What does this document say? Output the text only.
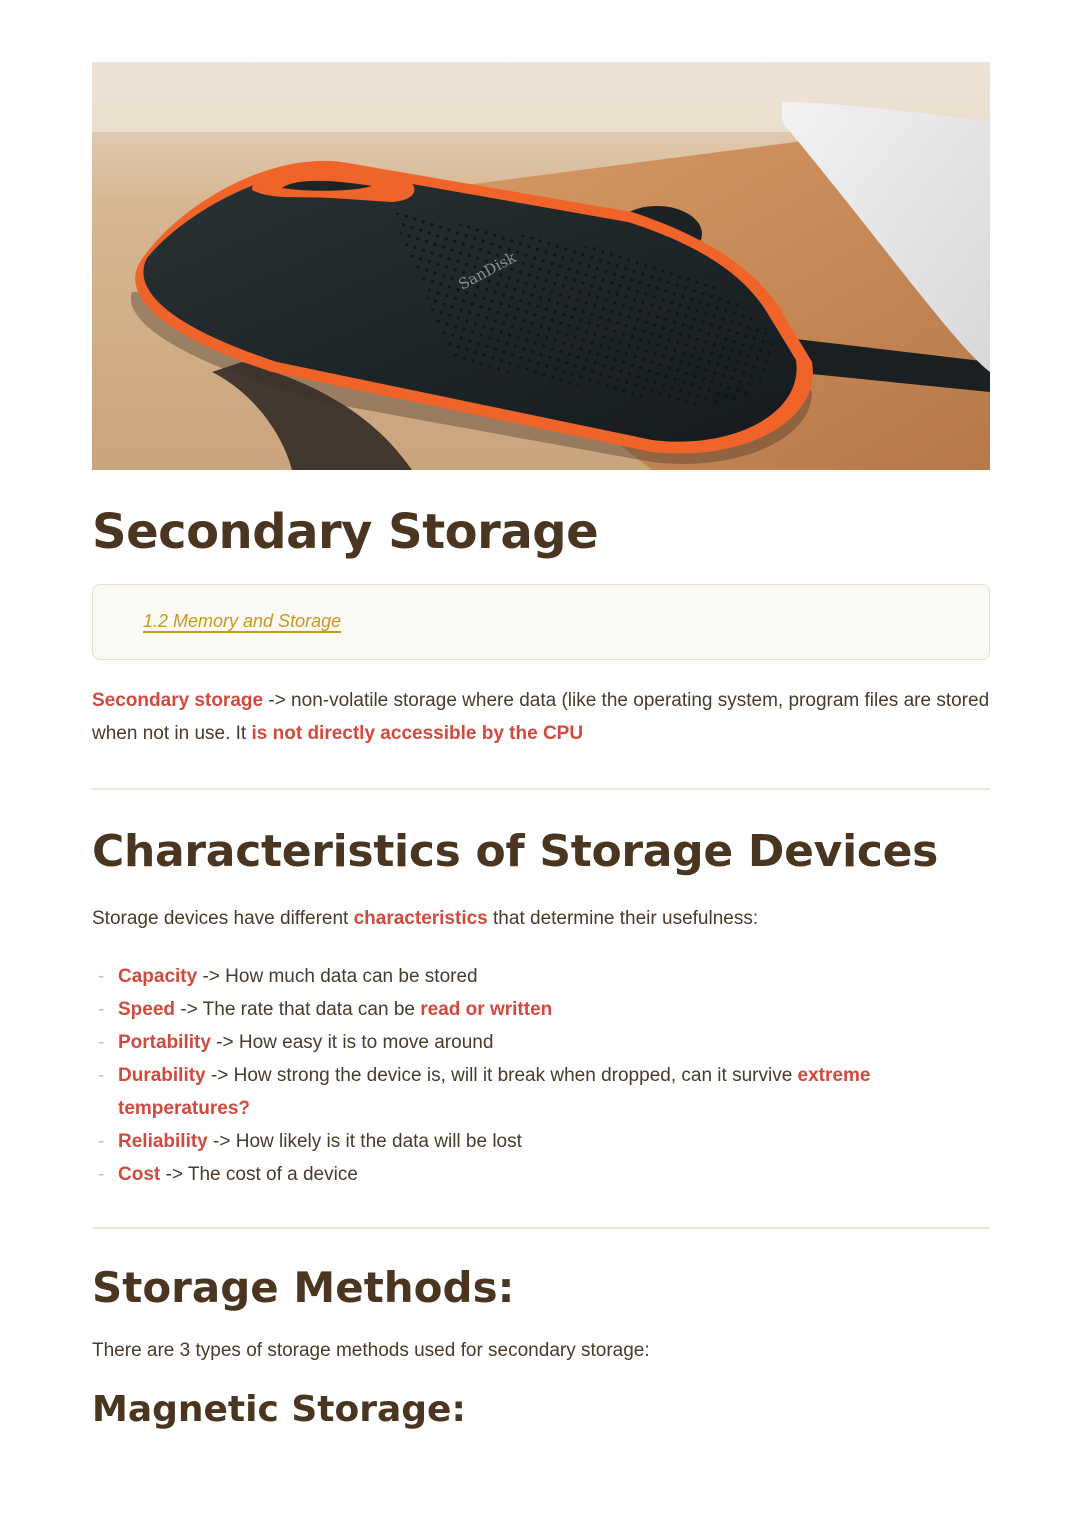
SanDisk
Secondary Storage
1.2 Memory and Storage

Secondary storage -> non-volatile storage where data (like the operating system, program files are stored when not in use. It is not directly accessible by the CPU

Characteristics of Storage Devices

Storage devices have different characteristics that determine their usefulness:

- Capacity -> How much data can be stored
- Speed -> The rate that data can be read or written
- Portability -> How easy it is to move around
- Durability -> How strong the device is, will it break when dropped, can it survive extreme temperatures?
- Reliability -> How likely is it the data will be lost
- Cost -> The cost of a device
Storage Methods:

There are 3 types of storage methods used for secondary storage:

Magnetic Storage:
